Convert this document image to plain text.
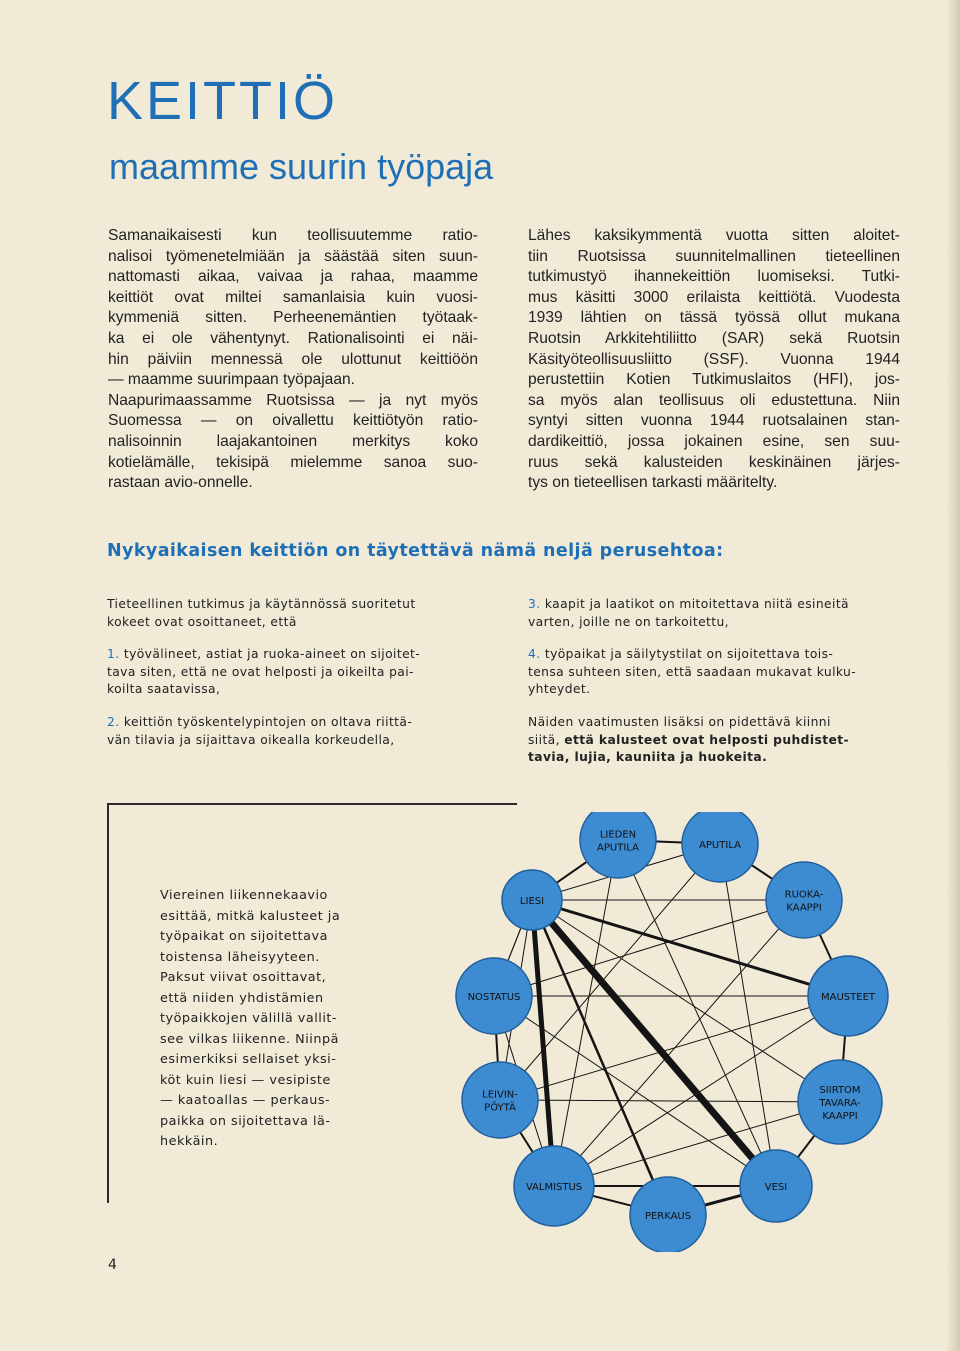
KEITTIÖ
maamme suurin työpaja
Samanaikaisesti kun teollisuutemme ratio-
nalisoi työmenetelmiään ja säästää siten suun-
nattomasti aikaa, vaivaa ja rahaa, maamme
keittiöt ovat miltei samanlaisia kuin vuosi-
kymmeniä sitten. Perheenemäntien työtaak-
ka ei ole vähentynyt. Rationalisointi ei näi-
hin päiviin mennessä ole ulottunut keittiöön
— maamme suurimpaan työpajaan.
Naapurimaassamme Ruotsissa — ja nyt myös
Suomessa — on oivallettu keittiötyön ratio-
nalisoinnin laajakantoinen merkitys koko
kotielämälle, tekisipä mielemme sanoa suo-
rastaan avio-onnelle.
Lähes kaksikymmentä vuotta sitten aloitet-
tiin Ruotsissa suunnitelmallinen tieteellinen
tutkimustyö ihannekeittiön luomiseksi. Tutki-
mus käsitti 3000 erilaista keittiötä. Vuodesta
1939 lähtien on tässä työssä ollut mukana
Ruotsin Arkkitehtiliitto (SAR) sekä Ruotsin
Käsityöteollisuusliitto (SSF). Vuonna 1944
perustettiin Kotien Tutkimuslaitos (HFI), jos-
sa myös alan teollisuus oli edustettuna. Niin
syntyi sitten vuonna 1944 ruotsalainen stan-
dardikeittiö, jossa jokainen esine, sen suu-
ruus sekä kalusteiden keskinäinen järjes-
tys on tieteellisen tarkasti määritelty.
Nykyaikaisen keittiön on täytettävä nämä neljä perusehtoa:
Tieteellinen tutkimus ja käytännössä suoritetut
kokeet ovat osoittaneet, että
1. työvälineet, astiat ja ruoka-aineet on sijoitet-
tava siten, että ne ovat helposti ja oikeilta pai-
koilta saatavissa,
2. keittiön työskentelypintojen on oltava riittä-
vän tilavia ja sijaittava oikealla korkeudella,
3. kaapit ja laatikot on mitoitettava niitä esineitä
varten, joille ne on tarkoitettu,
4. työpaikat ja säilytystilat on sijoitettava tois-
tensa suhteen siten, että saadaan mukavat kulku-
yhteydet.
Näiden vaatimusten lisäksi on pidettävä kiinni
siitä, että kalusteet ovat helposti puhdistet-
tavia, lujia, kauniita ja huokeita.
Viereinen liikennekaavio
esittää, mitkä kalusteet ja
työpaikat on sijoitettava
toistensa läheisyyteen.
Paksut viivat osoittavat,
että niiden yhdistämien
työpaikkojen välillä vallit-
see vilkas liikenne. Niinpä
esimerkiksi sellaiset yksi-
köt kuin liesi — vesipiste
— kaatoallas — perkaus-
paikka on sijoitettava lä-
hekkäin.
LIEDEN
APUTILA	APUTILA
LIESI
RUOKA-
KAAPPI
NOSTATUS	MAUSTEET
LEIVIN-
PÖYTÄ
SIIRTOM
TAVARA-
KAAPPI
VALMISTUS	VESI
PERKAUS
4
